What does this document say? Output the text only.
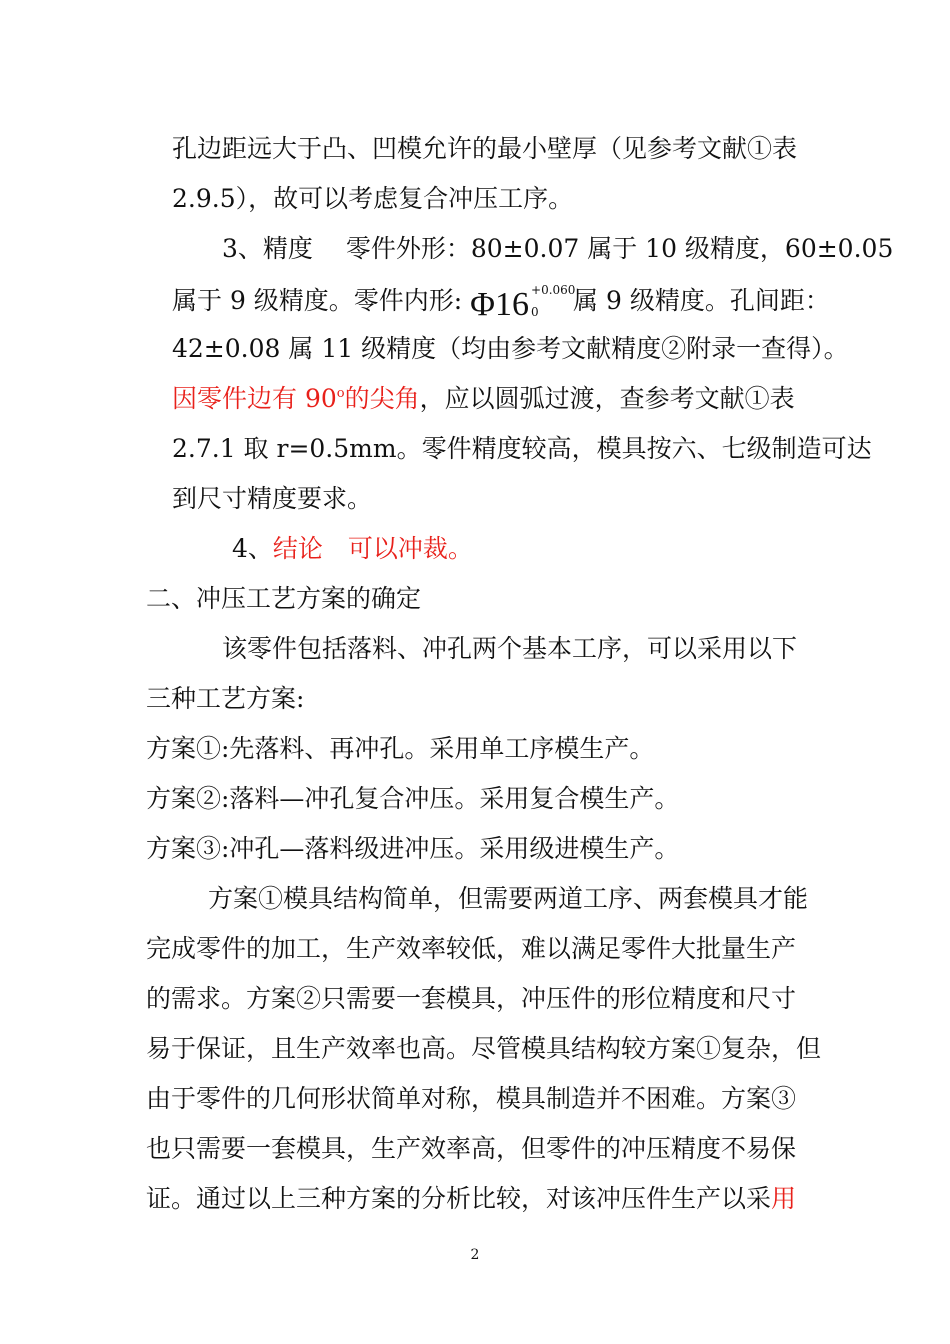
孔边距远大于凸、凹模允许的最小壁厚（见参考文献①表
2.9.5），故可以考虑复合冲压工序。
3、精度　 零件外形：80±0.07 属于 10 级精度，60±0.05
属于 9 级精度。零件内形: Φ16 +0.060
0 属 9 级精度。孔间距：
42±0.08 属 11 级精度（均由参考文献精度②附录一查得）。
因零件边有 90$^o$的尖角，应以圆弧过渡，查参考文献①表
2.7.1 取 r=0.5mm。零件精度较高，模具按六、七级制造可达
到尺寸精度要求。
4、结论　可以冲裁。
二、冲压工艺方案的确定
该零件包括落料、冲孔两个基本工序，可以采用以下
三种工艺方案:
方案①:先落料、再冲孔。采用单工序模生产。
方案②:落料—冲孔复合冲压。采用复合模生产。
方案③:冲孔—落料级进冲压。采用级进模生产。
方案①模具结构简单，但需要两道工序、两套模具才能
完成零件的加工，生产效率较低，难以满足零件大批量生产
的需求。方案②只需要一套模具，冲压件的形位精度和尺寸
易于保证，且生产效率也高。尽管模具结构较方案①复杂，但
由于零件的几何形状简单对称，模具制造并不困难。方案③
也只需要一套模具，生产效率高，但零件的冲压精度不易保
证。通过以上三种方案的分析比较，对该冲压件生产以采用
2
